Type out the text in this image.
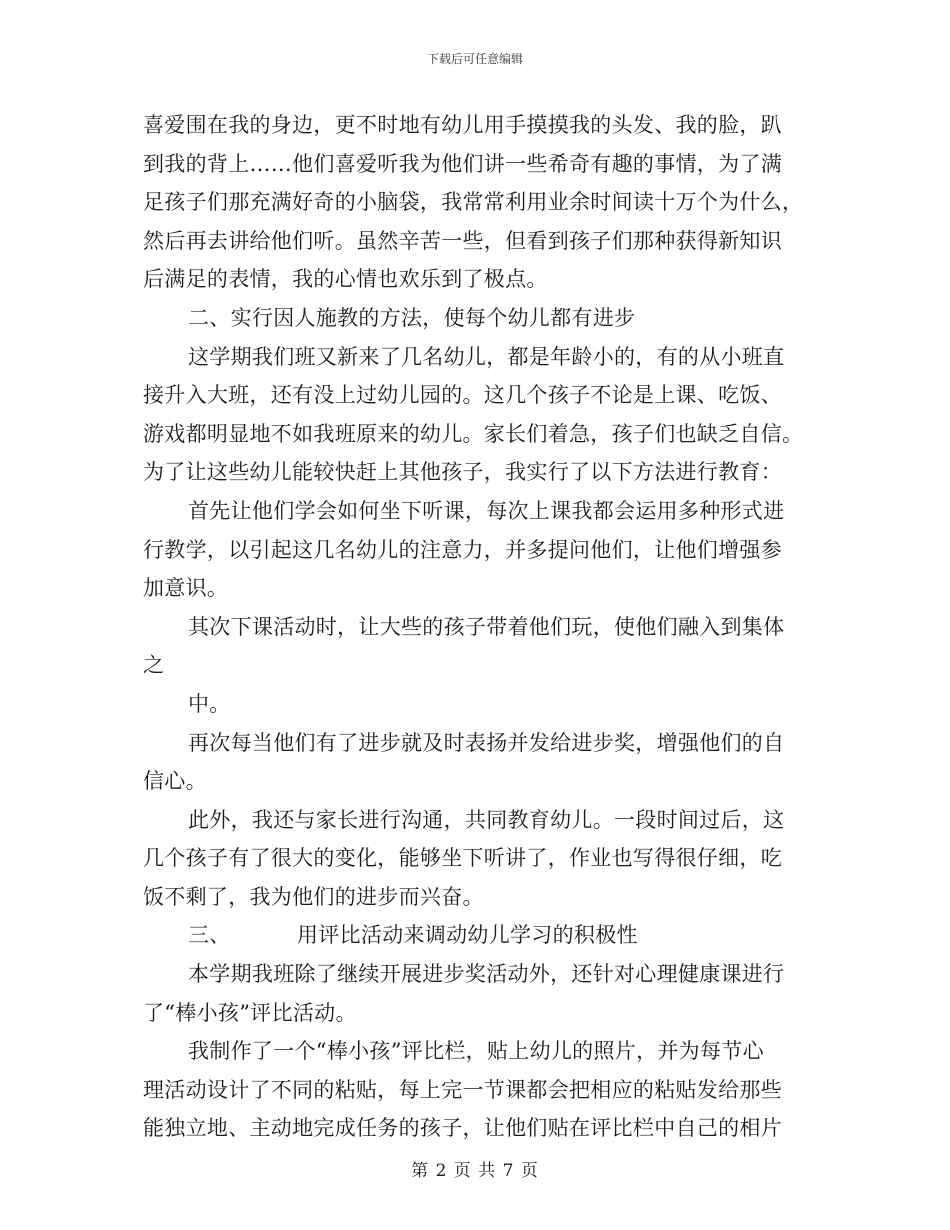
下载后可任意编辑
喜爱围在我的身边，更不时地有幼儿用手摸摸我的头发、我的脸，趴
到我的背上……他们喜爱听我为他们讲一些希奇有趣的事情，为了满
足孩子们那充满好奇的小脑袋，我常常利用业余时间读十万个为什么，
然后再去讲给他们听。虽然辛苦一些，但看到孩子们那种获得新知识
后满足的表情，我的心情也欢乐到了极点。
二、实行因人施教的方法，使每个幼儿都有进步
这学期我们班又新来了几名幼儿，都是年龄小的，有的从小班直
接升入大班，还有没上过幼儿园的。这几个孩子不论是上课、吃饭、
游戏都明显地不如我班原来的幼儿。家长们着急，孩子们也缺乏自信。
为了让这些幼儿能较快赶上其他孩子，我实行了以下方法进行教育：
首先让他们学会如何坐下听课，每次上课我都会运用多种形式进
行教学，以引起这几名幼儿的注意力，并多提问他们，让他们增强参
加意识。
其次下课活动时，让大些的孩子带着他们玩，使他们融入到集体
之
中。
再次每当他们有了进步就及时表扬并发给进步奖，增强他们的自
信心。
此外，我还与家长进行沟通，共同教育幼儿。一段时间过后，这
几个孩子有了很大的变化，能够坐下听讲了，作业也写得很仔细，吃
饭不剩了，我为他们的进步而兴奋。
三、	用评比活动来调动幼儿学习的积极性
本学期我班除了继续开展进步奖活动外，还针对心理健康课进行
了“棒小孩”评比活动。
我制作了一个“棒小孩”评比栏，贴上幼儿的照片，并为每节心
理活动设计了不同的粘贴，每上完一节课都会把相应的粘贴发给那些
能独立地、主动地完成任务的孩子，让他们贴在评比栏中自己的相片
第 2 页 共 7 页
